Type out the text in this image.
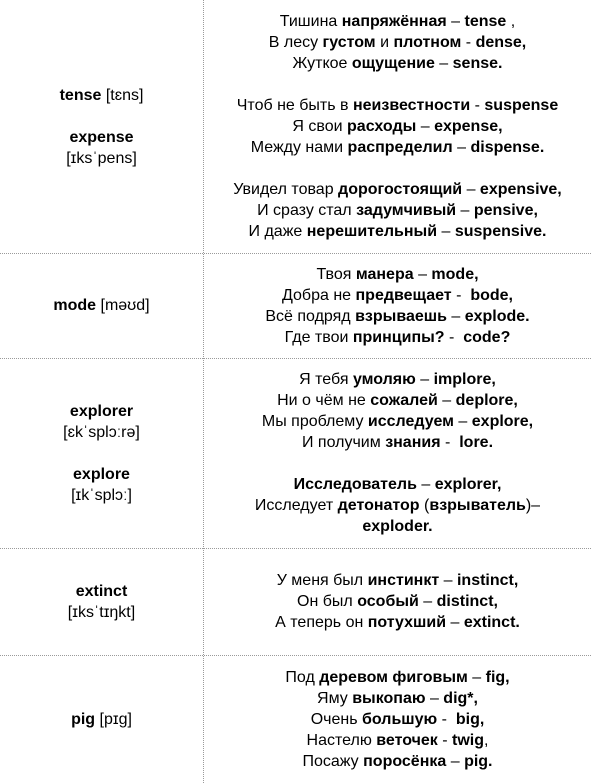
tense [tɛns]
expense
[ɪksˈpens]
Тишина напряжённая – tense ,
В лесу густом и плотном - dense,
Жуткое ощущение – sense.
Чтоб не быть в неизвестности - suspense
Я свои расходы – expense,
Между нами распределил – dispense.
Увидел товар дорогостоящий – expensive,
И сразу стал задумчивый – pensive,
И даже нерешительный – suspensive.
mode [məʊd]
Твоя манера – mode,
Добра не предвещает -  bode,
Всё подряд взрываешь – explode.
Где твои принципы? -  code?
explorer
[ɛkˈsplɔːrə]
explore
[ɪkˈsplɔː]
Я тебя умоляю – implore,
Ни о чём не сожалей – deplore,
Мы проблему исследуем – explore,
И получим знания -  lore.
Исследователь – explorer,
Исследует детонатор (взрыватель)–
exploder.
extinct
[ɪksˈtɪŋkt]
У меня был инстинкт – instinct,
Он был особый – distinct,
А теперь он потухший – extinct.
pig [pɪɡ]
Под деревом фиговым – fig,
Яму выкопаю – dig*,
Очень большую -  big,
Настелю веточек - twig,
Посажу поросёнка – pig.
